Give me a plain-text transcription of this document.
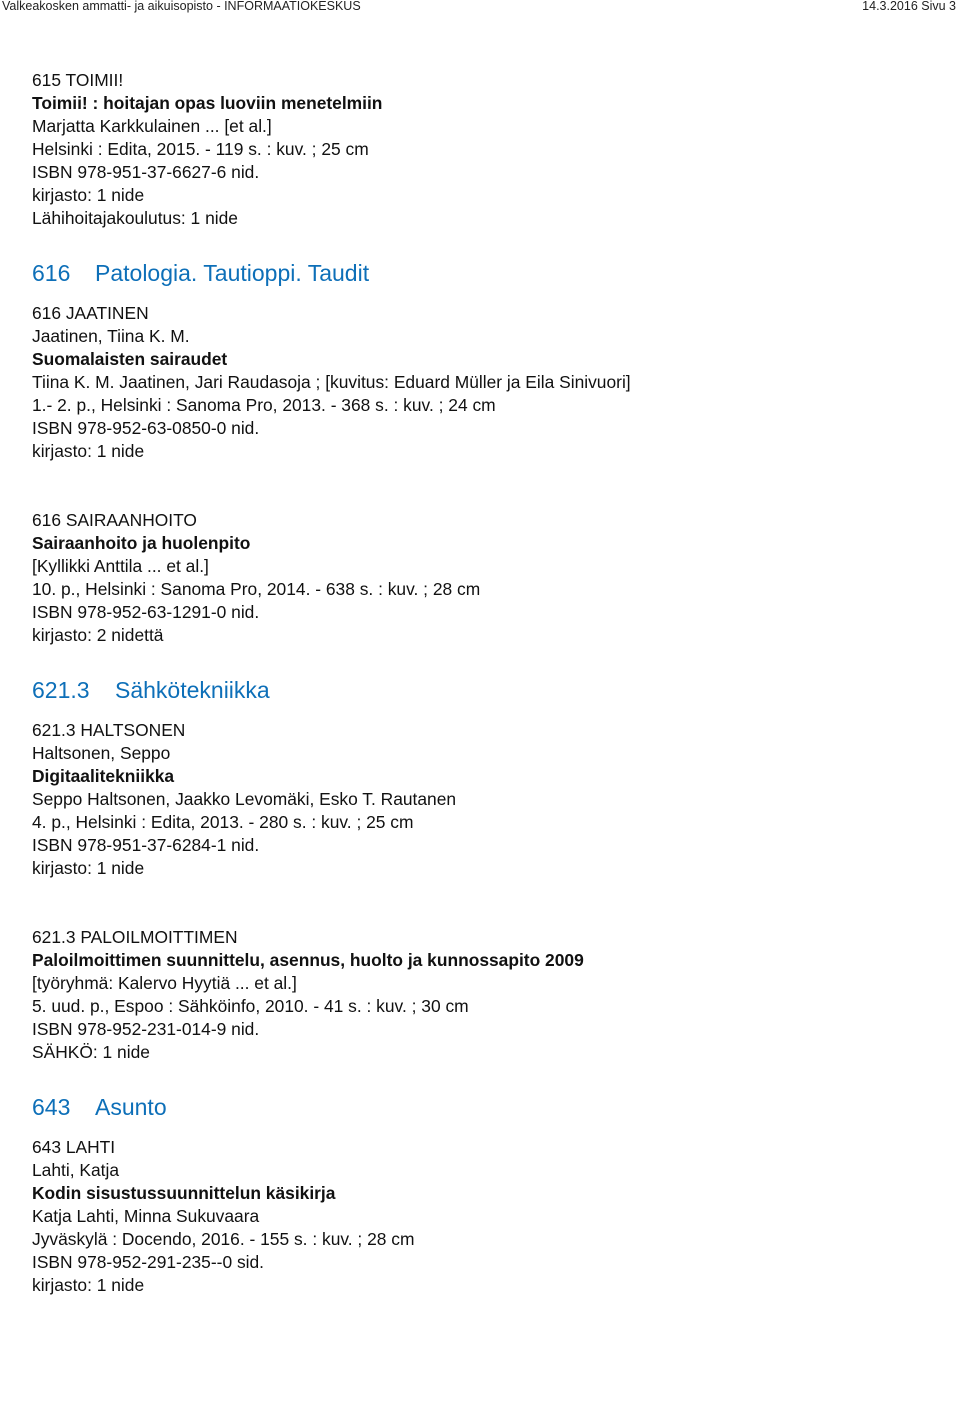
Valkeakosken ammatti- ja aikuisopisto - INFORMAATIOKESKUS	14.3.2016 Sivu 3
615 TOIMII!
Toimii! : hoitajan opas luoviin menetelmiin
Marjatta Karkkulainen ... [et al.]
Helsinki : Edita, 2015. - 119 s. : kuv. ; 25 cm
ISBN 978-951-37-6627-6 nid.
kirjasto: 1 nide
Lähihoitajakoulutus: 1 nide
616 Patologia. Tautioppi. Taudit
616 JAATINEN
Jaatinen, Tiina K. M.
Suomalaisten sairaudet
Tiina K. M. Jaatinen, Jari Raudasoja ; [kuvitus: Eduard Müller ja Eila Sinivuori]
1.- 2. p., Helsinki : Sanoma Pro, 2013. - 368 s. : kuv. ; 24 cm
ISBN 978-952-63-0850-0 nid.
kirjasto: 1 nide
616 SAIRAANHOITO
Sairaanhoito ja huolenpito
[Kyllikki Anttila ... et al.]
10. p., Helsinki : Sanoma Pro, 2014. - 638 s. : kuv. ; 28 cm
ISBN 978-952-63-1291-0 nid.
kirjasto: 2 nidettä
621.3 Sähkötekniikka
621.3 HALTSONEN
Haltsonen, Seppo
Digitaalitekniikka
Seppo Haltsonen, Jaakko Levomäki, Esko T. Rautanen
4. p., Helsinki : Edita, 2013. - 280 s. : kuv. ; 25 cm
ISBN 978-951-37-6284-1 nid.
kirjasto: 1 nide
621.3 PALOILMOITTIMEN
Paloilmoittimen suunnittelu, asennus, huolto ja kunnossapito 2009
[työryhmä: Kalervo Hyytiä ... et al.]
5. uud. p., Espoo : Sähköinfo, 2010. - 41 s. : kuv. ; 30 cm
ISBN 978-952-231-014-9 nid.
SÄHKÖ: 1 nide
643 Asunto
643 LAHTI
Lahti, Katja
Kodin sisustussuunnittelun käsikirja
Katja Lahti, Minna Sukuvaara
Jyväskylä : Docendo, 2016. - 155 s. : kuv. ; 28 cm
ISBN 978-952-291-235--0 sid.
kirjasto: 1 nide
